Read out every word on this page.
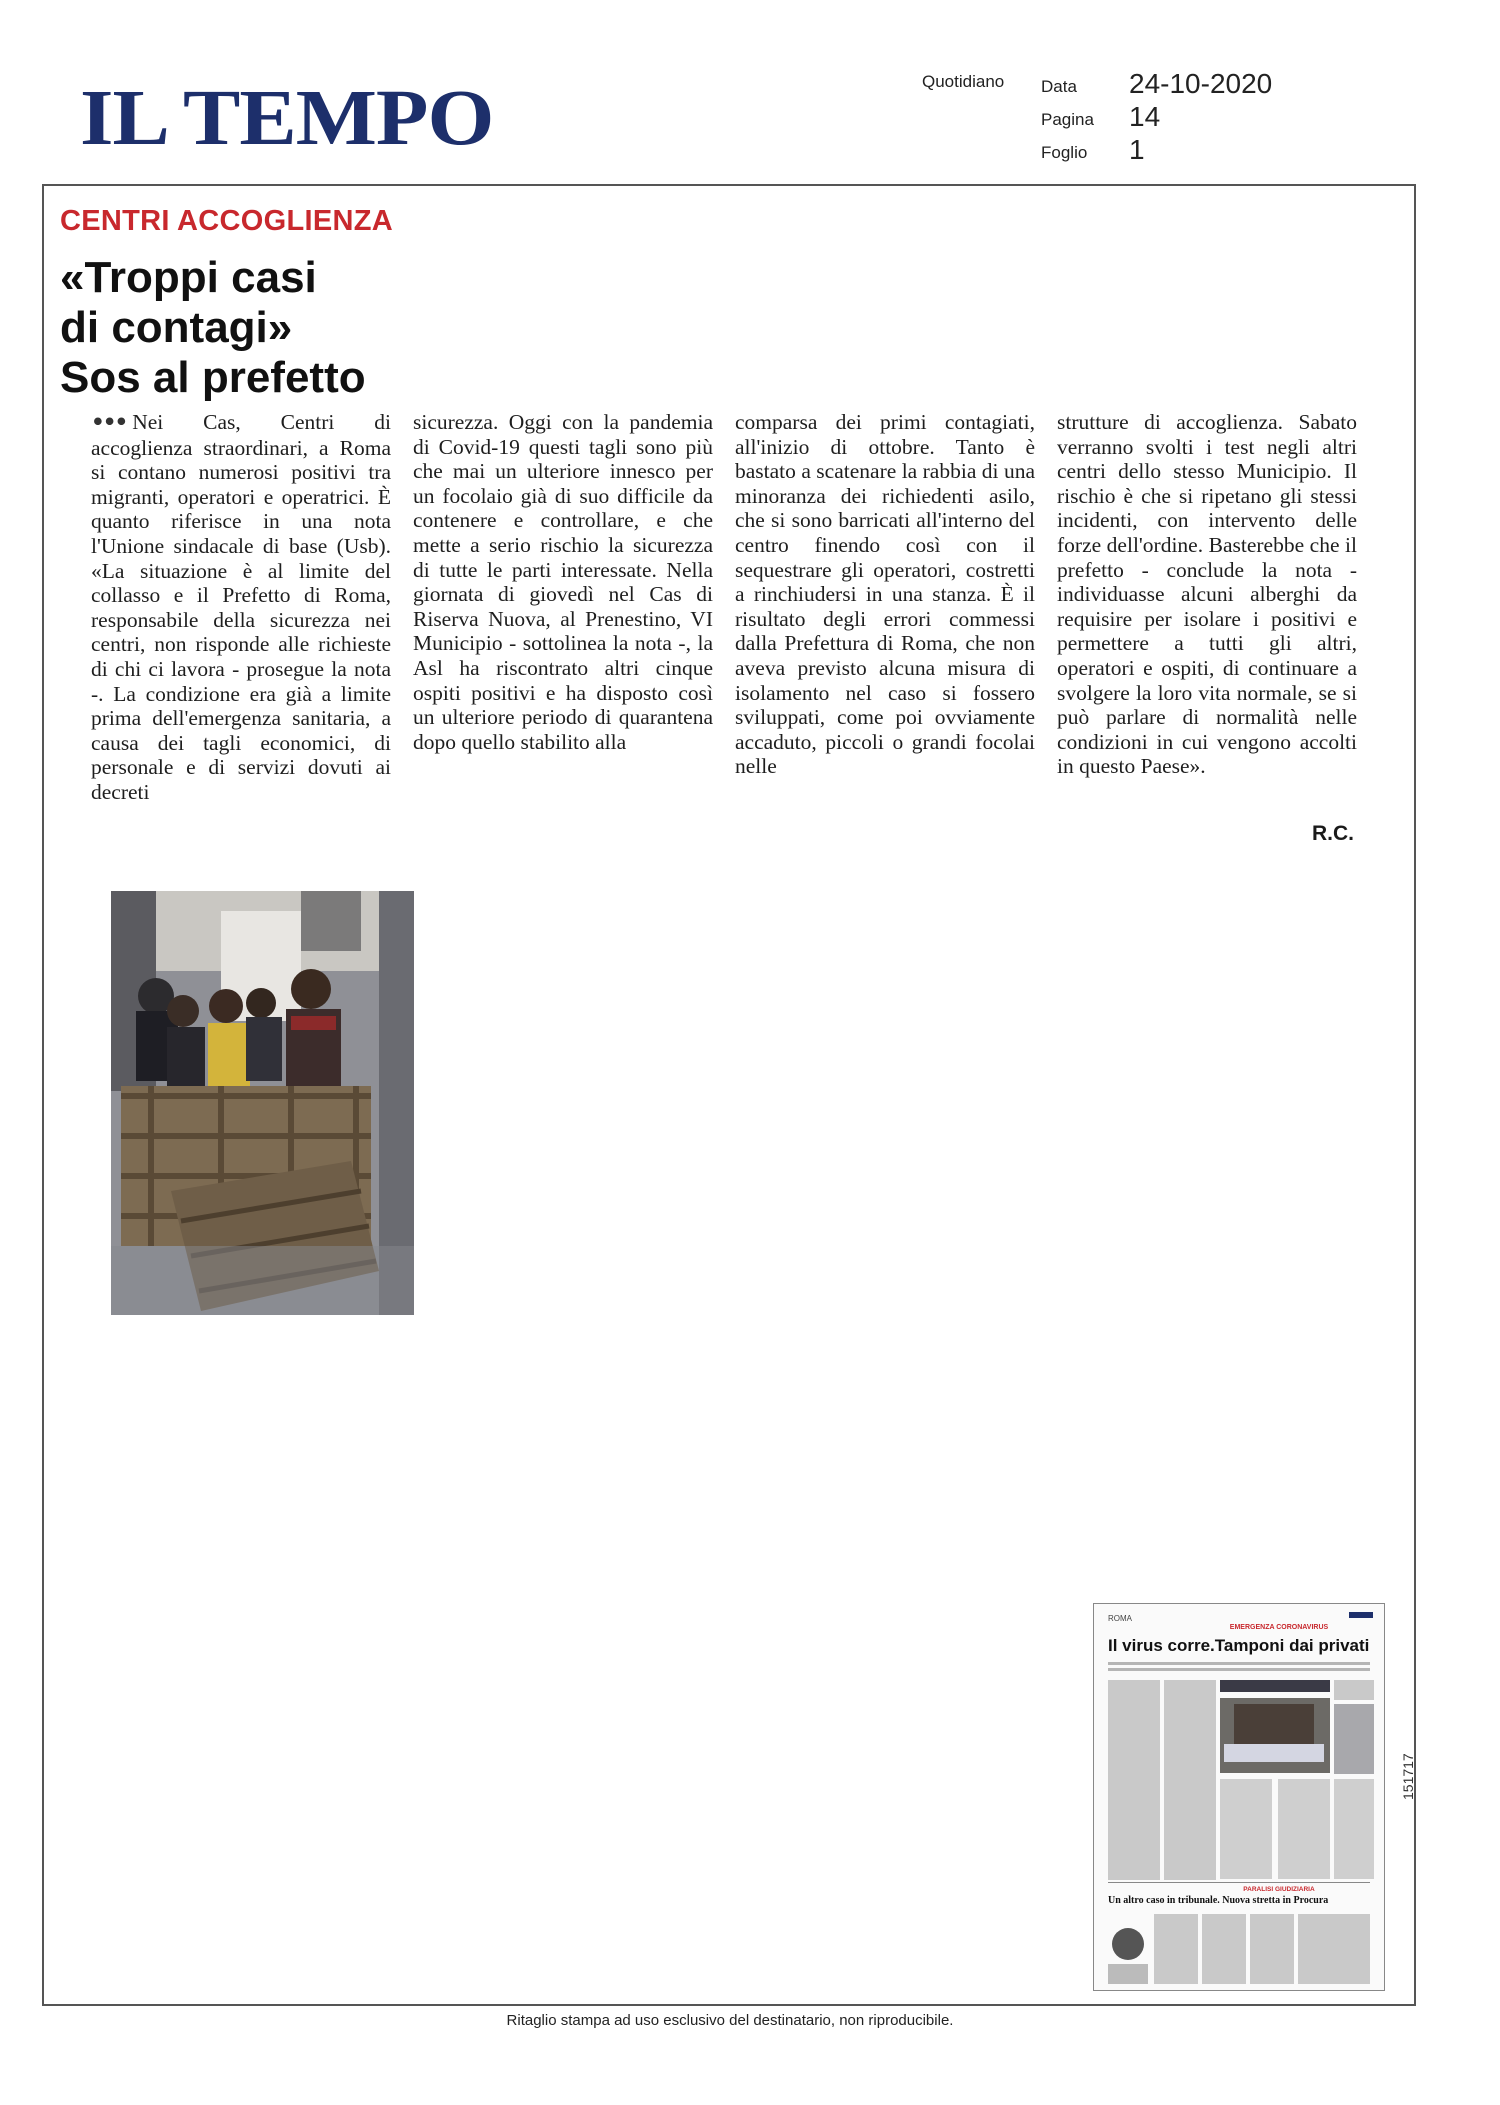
IL TEMPO	Quotidiano Data 24-10-2020
Pagina 14
Foglio 1
CENTRI ACCOGLIENZA
«Troppi casi
di contagi»
Sos al prefetto

••• Nei Cas, Centri di accoglienza straordinari, a Roma si contano numerosi positivi tra migranti, operatori e operatrici. È quanto riferisce in una nota l'Unione sindacale di base (Usb). «La situazione è al limite del collasso e il Prefetto di Roma, responsabile della sicurezza nei centri, non risponde alle richieste di chi ci lavora - prosegue la nota -. La condizione era già a limite prima dell'emergenza sanitaria, a causa dei tagli economici, di personale e di servizi dovuti ai decreti

sicurezza. Oggi con la pandemia di Covid-19 questi tagli sono più che mai un ulteriore innesco per un focolaio già di suo difficile da contenere e controllare, e che mette a serio rischio la sicurezza di tutte le parti interessate. Nella giornata di giovedì nel Cas di Riserva Nuova, al Prenestino, VI Municipio - sottolinea la nota -, la Asl ha riscontrato altri cinque ospiti positivi e ha disposto così un ulteriore periodo di quarantena dopo quello stabilito alla

comparsa dei primi contagiati, all'inizio di ottobre. Tanto è bastato a scatenare la rabbia di una minoranza dei richiedenti asilo, che si sono barricati all'interno del centro finendo così con il sequestrare gli operatori, costretti a rinchiudersi in una stanza. È il risultato degli errori commessi dalla Prefettura di Roma, che non aveva previsto alcuna misura di isolamento nel caso si fossero sviluppati, come poi ovviamente accaduto, piccoli o grandi focolai nelle

strutture di accoglienza. Sabato verranno svolti i test negli altri centri dello stesso Municipio. Il rischio è che si ripetano gli stessi incidenti, con intervento delle forze dell'ordine. Basterebbe che il prefetto - conclude la nota - individuasse alcuni alberghi da requisire per isolare i positivi e permettere a tutti gli altri, operatori e ospiti, di continuare a svolgere la loro vita normale, se si può parlare di normalità nelle condizioni in cui vengono accolti in questo Paese».

R.C.
ROMA
EMERGENZA CORONAVIRUS
Il virus corre.Tamponi dai privati
PARALISI GIUDIZIARIA
Un altro caso in tribunale. Nuova stretta in Procura
151717
Ritaglio stampa ad uso esclusivo del destinatario, non riproducibile.
